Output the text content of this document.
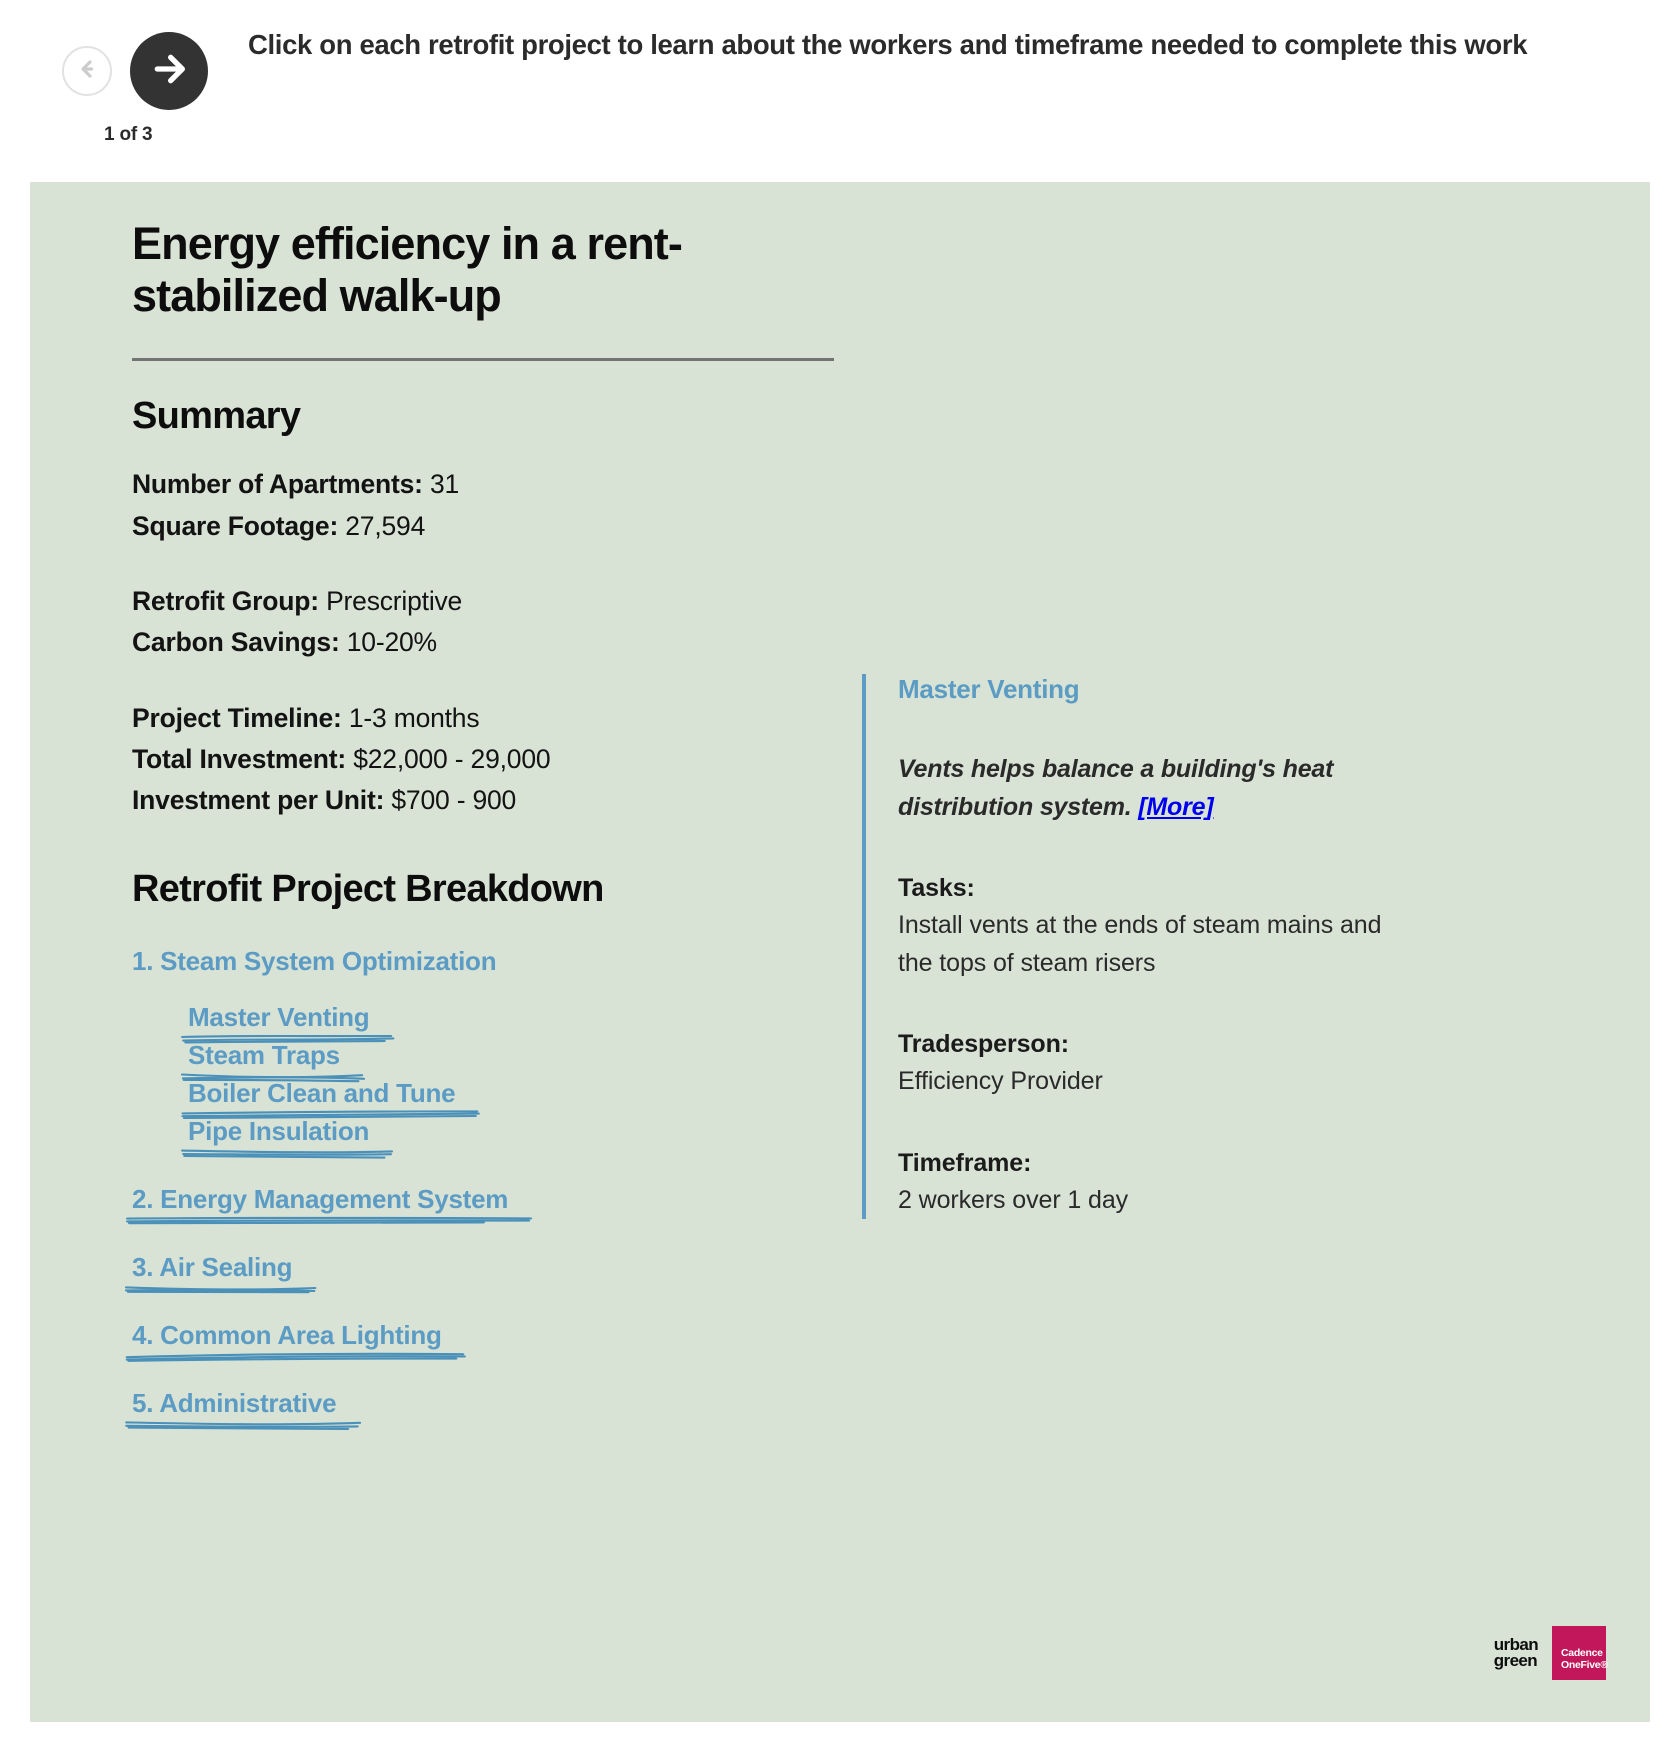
1 of 3
Click on each retrofit project to learn about the workers and timeframe needed to complete this work
Energy efficiency in a rent-stabilized walk-up
Summary
Number of Apartments: 31
Square Footage: 27,594
Retrofit Group: Prescriptive
Carbon Savings: 10-20%
Project Timeline: 1-3 months
Total Investment: $22,000 - 29,000
Investment per Unit: $700 - 900
Retrofit Project Breakdown
1. Steam System Optimization
Master Venting
Steam Traps
Boiler Clean and Tune
Pipe Insulation
2. Energy Management System
3. Air Sealing
4. Common Area Lighting
5. Administrative
Master Venting
Vents helps balance a building's heat distribution system. [More]
Tasks:
Install vents at the ends of steam mains and the tops of steam risers
Tradesperson:
Efficiency Provider
Timeframe:
2 workers over 1 day
urban
green Cadence
OneFive®
